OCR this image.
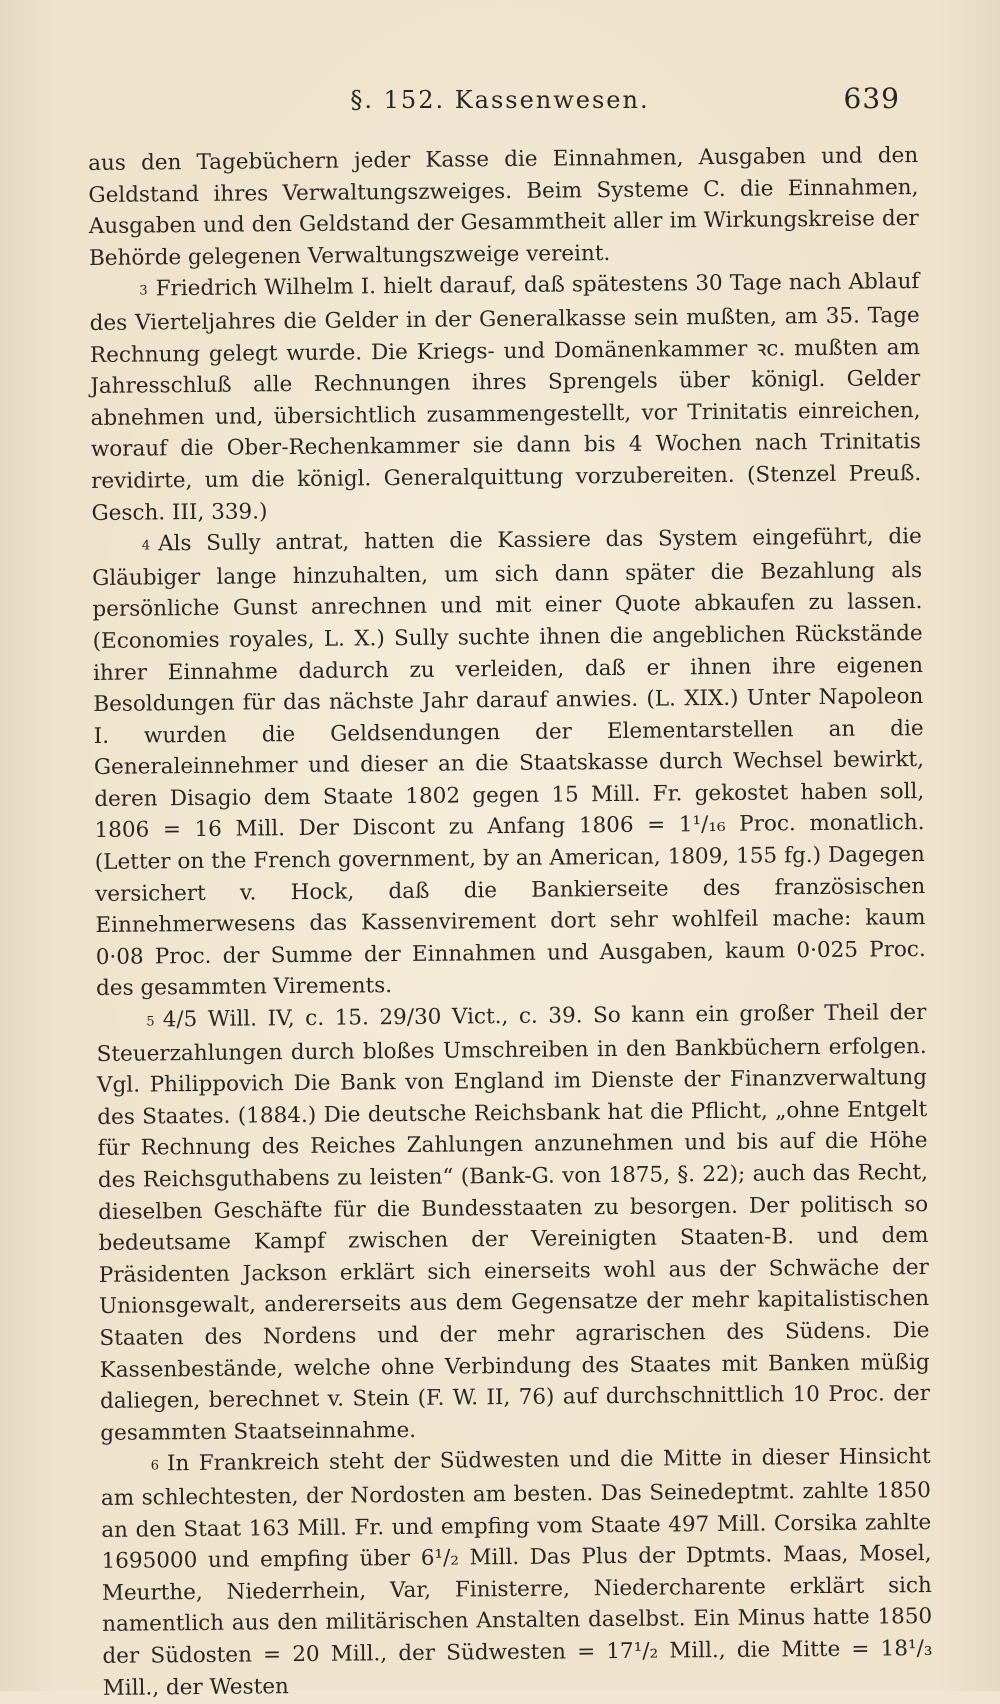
§. 152. Kassenwesen.	639

aus den Tagebüchern jeder Kasse die Einnahmen, Ausgaben und den Geldstand ihres Verwaltungszweiges. Beim Systeme C. die Einnahmen, Ausgaben und den Geldstand der Gesammtheit aller im Wirkungskreise der Behörde gelegenen Verwaltungszweige vereint.

3 Friedrich Wilhelm I. hielt darauf, daß spätestens 30 Tage nach Ablauf des Vierteljahres die Gelder in der Generalkasse sein mußten, am 35. Tage Rechnung gelegt wurde. Die Kriegs- und Domänenkammer ꝛc. mußten am Jahresschluß alle Rechnungen ihres Sprengels über königl. Gelder abnehmen und, übersichtlich zusammengestellt, vor Trinitatis einreichen, worauf die Ober-Rechenkammer sie dann bis 4 Wochen nach Trinitatis revidirte, um die königl. Generalquittung vorzubereiten. (Stenzel Preuß. Gesch. III, 339.)

4 Als Sully antrat, hatten die Kassiere das System eingeführt, die Gläubiger lange hinzuhalten, um sich dann später die Bezahlung als persönliche Gunst anrechnen und mit einer Quote abkaufen zu lassen. (Economies royales, L. X.) Sully suchte ihnen die angeblichen Rückstände ihrer Einnahme dadurch zu verleiden, daß er ihnen ihre eigenen Besoldungen für das nächste Jahr darauf anwies. (L. XIX.) Unter Napoleon I. wurden die Geldsendungen der Elementarstellen an die Generaleinnehmer und dieser an die Staatskasse durch Wechsel bewirkt, deren Disagio dem Staate 1802 gegen 15 Mill. Fr. gekostet haben soll, 1806 = 16 Mill. Der Discont zu Anfang 1806 = 1¹/₁₆ Proc. monatlich. (Letter on the French government, by an American, 1809, 155 fg.) Dagegen versichert v. Hock, daß die Bankierseite des französischen Einnehmerwesens das Kassenvirement dort sehr wohlfeil mache: kaum 0·08 Proc. der Summe der Einnahmen und Ausgaben, kaum 0·025 Proc. des gesammten Virements.

5 4/5 Will. IV, c. 15. 29/30 Vict., c. 39. So kann ein großer Theil der Steuerzahlungen durch bloßes Umschreiben in den Bankbüchern erfolgen. Vgl. Philippovich Die Bank von England im Dienste der Finanzverwaltung des Staates. (1884.) Die deutsche Reichsbank hat die Pflicht, „ohne Entgelt für Rechnung des Reiches Zahlungen anzunehmen und bis auf die Höhe des Reichsguthabens zu leisten“ (Bank-G. von 1875, §. 22); auch das Recht, dieselben Geschäfte für die Bundesstaaten zu besorgen. Der politisch so bedeutsame Kampf zwischen der Vereinigten Staaten-B. und dem Präsidenten Jackson erklärt sich einerseits wohl aus der Schwäche der Unionsgewalt, andererseits aus dem Gegensatze der mehr kapitalistischen Staaten des Nordens und der mehr agrarischen des Südens. Die Kassenbestände, welche ohne Verbindung des Staates mit Banken müßig daliegen, berechnet v. Stein (F. W. II, 76) auf durchschnittlich 10 Proc. der gesammten Staatseinnahme.

6 In Frankreich steht der Südwesten und die Mitte in dieser Hinsicht am schlechtesten, der Nordosten am besten. Das Seinedeptmt. zahlte 1850 an den Staat 163 Mill. Fr. und empfing vom Staate 497 Mill. Corsika zahlte 1695000 und empfing über 6¹/₂ Mill. Das Plus der Dptmts. Maas, Mosel, Meurthe, Niederrhein, Var, Finisterre, Niedercharente erklärt sich namentlich aus den militärischen Anstalten daselbst. Ein Minus hatte 1850 der Südosten = 20 Mill., der Südwesten = 17¹/₂ Mill., die Mitte = 18¹/₃ Mill., der Westen
